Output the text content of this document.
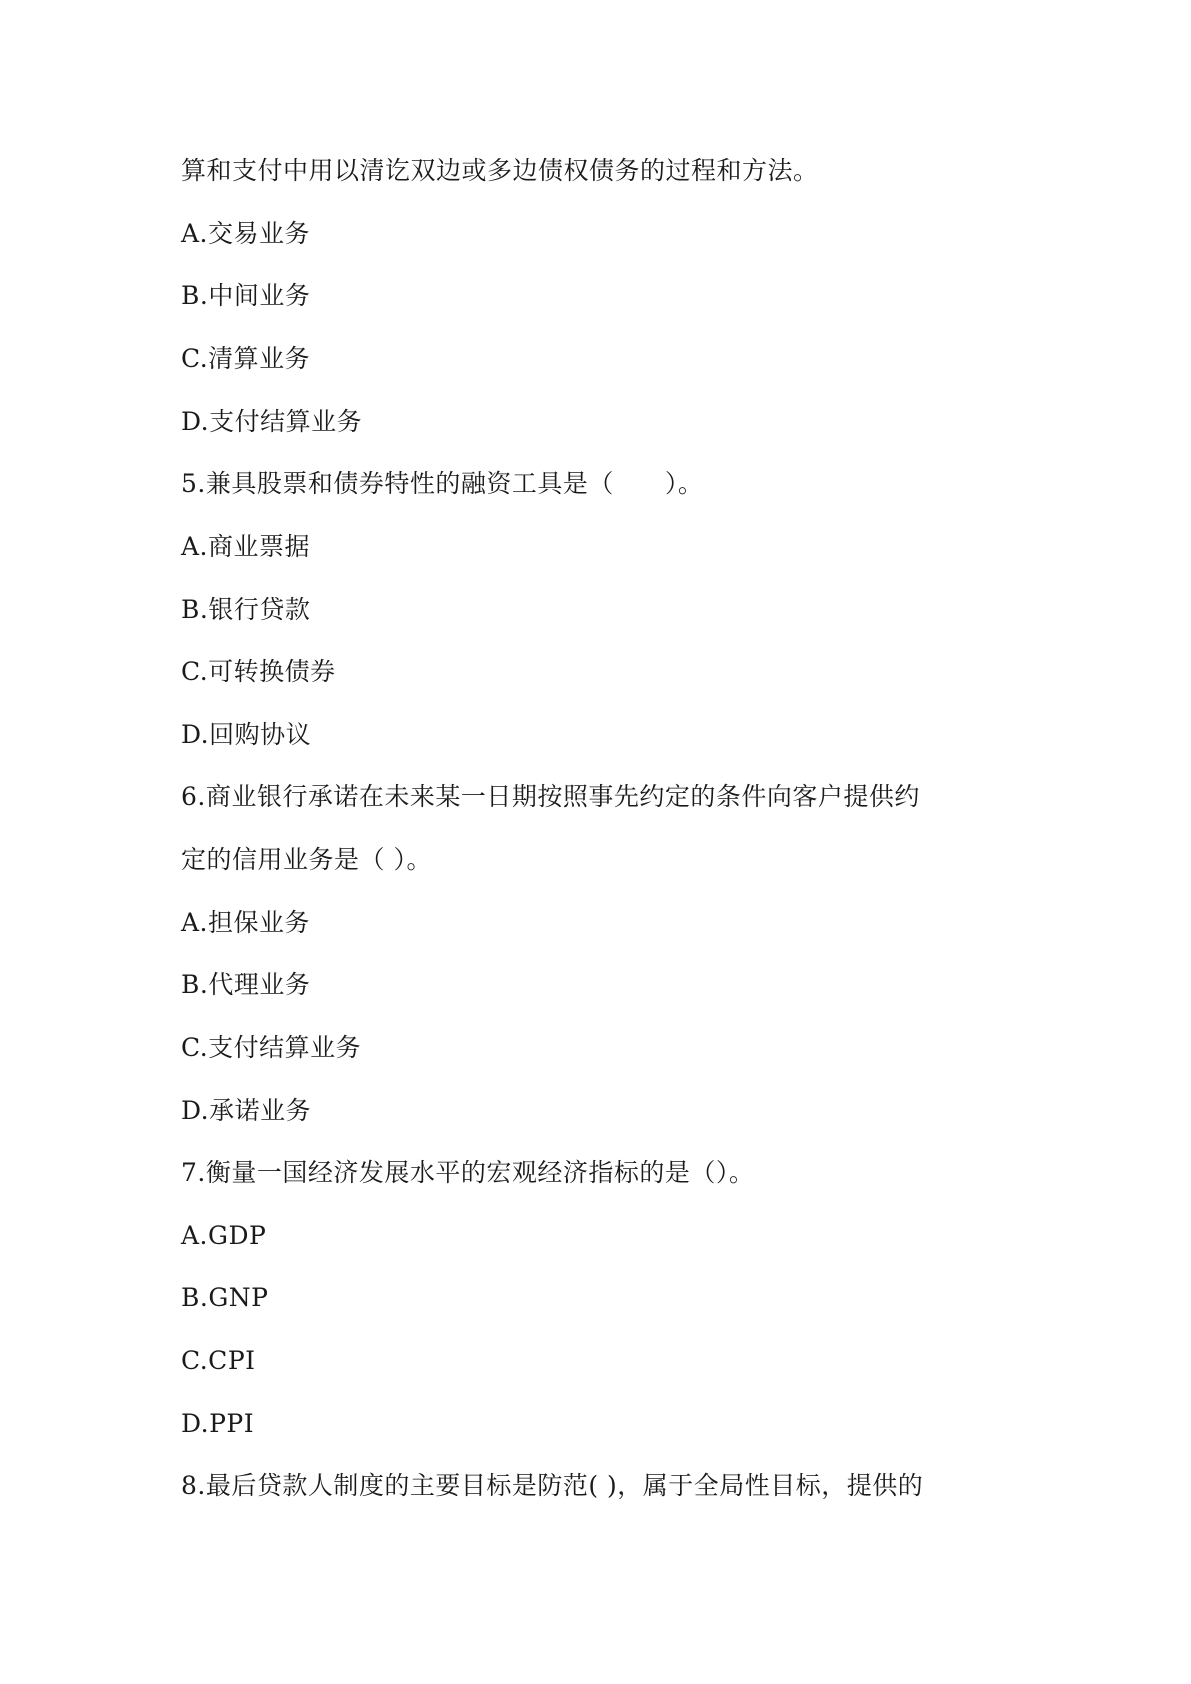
算和支付中用以清讫双边或多边债权债务的过程和方法。
A.交易业务
B.中间业务
C.清算业务
D.支付结算业务
5.兼具股票和债券特性的融资工具是（　　）。
A.商业票据
B.银行贷款
C.可转换债券
D.回购协议
6.商业银行承诺在未来某一日期按照事先约定的条件向客户提供约
定的信用业务是（ ）。
A.担保业务
B.代理业务
C.支付结算业务
D.承诺业务
7.衡量一国经济发展水平的宏观经济指标的是（）。
A.GDP
B.GNP
C.CPI
D.PPI
8.最后贷款人制度的主要目标是防范( )，属于全局性目标，提供的
